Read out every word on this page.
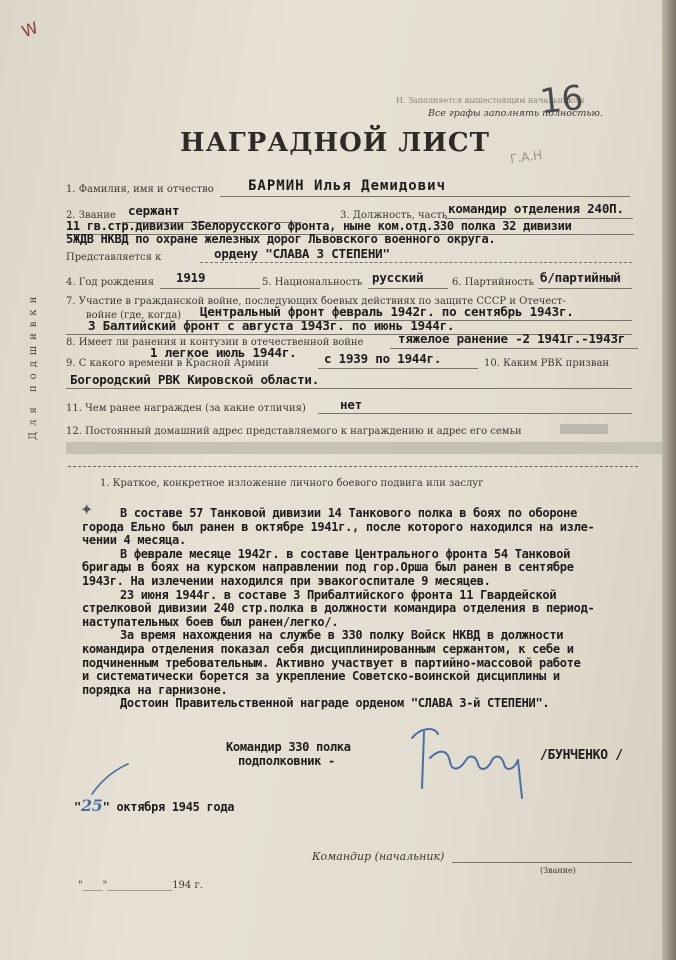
W
Н. Заполняется вышестоящим начальником
Все графы заполнять полностью.
16
НАГРАДНОЙ ЛИСТ Г.А.Н
Для подшивки
1. Фамилия, имя и отчество БАРМИН Илья Демидович
2. Звание сержант	3. Должность, часть командир отделения 240П.
11 гв.стр.дивизии 3Белорусского фронта, ныне ком.отд.330 полка 32 дивизии
5ЖДВ НКВД по охране железных дорог Львовского военного округа.
Представляется к	ордену "СЛАВА 3 СТЕПЕНИ"
4. Год рождения 1919	5. Национальность русский	6. Партийность б/партийный
7. Участие в гражданской войне, последующих боевых действиях по защите СССР и Отечест-
войне (где, когда) Центральный фронт февраль 1942г. по сентябрь 1943г.
3 Балтийский фронт с августа 1943г. по июнь 1944г.
8. Имеет ли ранения и контузии в отечественной войне	тяжелое ранение -2 1941г.-1943г
1 легкое июль 1944г.
9. С какого времени в Красной Армии	с 1939 по 1944г.	10. Каким РВК призван
Богородский РВК Кировской области.
11. Чем ранее награжден (за какие отличия)	нет
12. Постоянный домашний адрес представляемого к награждению и адрес его семьи
1. Краткое, конкретное изложение личного боевого подвига или заслуг
✦	В составе 57 Танковой дивизии 14 Танкового полка в боях по обороне

города Ельно был ранен в октябре 1941г., после которого находился на изле-

чении 4 месяца.

В феврале месяце 1942г. в составе Центрального фронта 54 Танковой

бригады в боях на курском направлении под гор.Орша был ранен в сентябре

1943г. На излечении находился при эвакогоспитале 9 месяцев.

23 июня 1944г. в составе 3 Прибалтийского фронта 11 Гвардейской

стрелковой дивизии 240 стр.полка в должности командира отделения в период-

наступательных боев был ранен/легко/.

За время нахождения на службе в 330 полку Войск НКВД в должности

командира отделения показал себя дисциплинированным сержантом, к себе и

подчиненным требовательным. Активно участвует в партийно-массовой работе

и систематически борется за укрепление Советско-воинской дисциплины и

порядка на гарнизоне.

Достоин Правительственной награде орденом "СЛАВА 3-й СТЕПЕНИ".

Командир 330 полка
подполковник -	/БУНЧЕНКО /
"25" октября 1945 года
Командир (начальник)
(Звание)
"____"_____________194 г.
